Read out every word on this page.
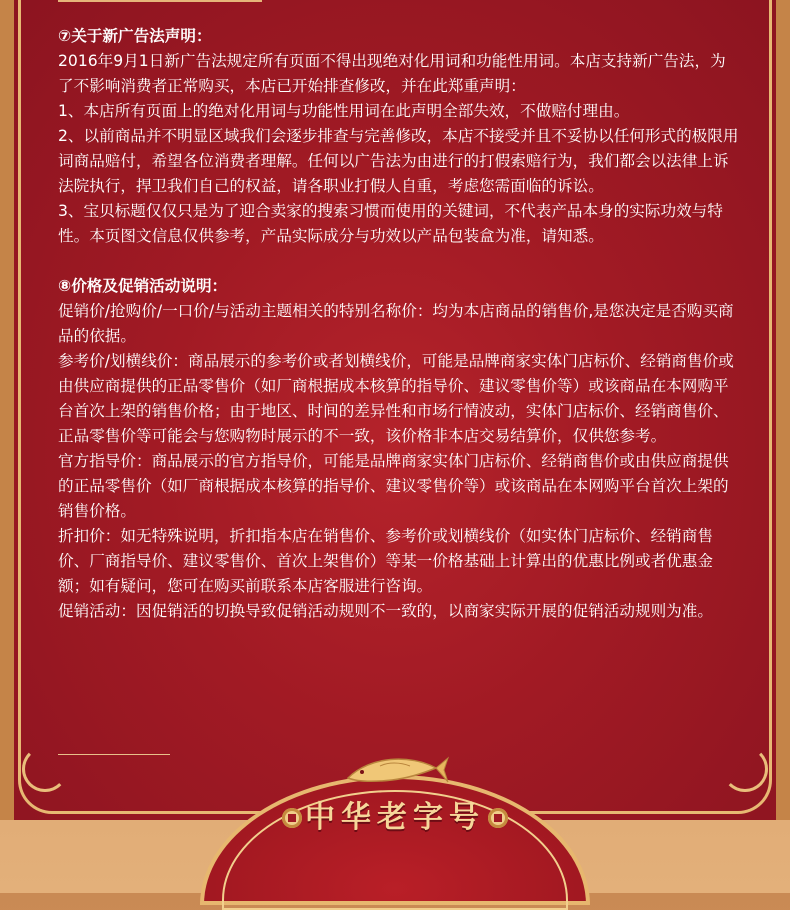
⑦关于新广告法声明：

2016年9月1日新广告法规定所有页面不得出现绝对化用词和功能性用词。本店支持新广告法，为了不影响消费者正常购买，本店已开始排查修改，并在此郑重声明：

1、本店所有页面上的绝对化用词与功能性用词在此声明全部失效，不做赔付理由。

2、以前商品并不明显区域我们会逐步排查与完善修改，本店不接受并且不妥协以任何形式的极限用词商品赔付，希望各位消费者理解。任何以广告法为由进行的打假索赔行为，我们都会以法律上诉法院执行，捍卫我们自己的权益，请各职业打假人自重，考虑您需面临的诉讼。

3、宝贝标题仅仅只是为了迎合卖家的搜索习惯而使用的关键词，不代表产品本身的实际功效与特性。本页图文信息仅供参考，产品实际成分与功效以产品包装盒为准，请知悉。

⑧价格及促销活动说明：

促销价/抢购价/一口价/与活动主题相关的特别名称价：均为本店商品的销售价,是您决定是否购买商品的依据。

参考价/划横线价：商品展示的参考价或者划横线价，可能是品牌商家实体门店标价、经销商售价或由供应商提供的正品零售价（如厂商根据成本核算的指导价、建议零售价等）或该商品在本网购平台首次上架的销售价格；由于地区、时间的差异性和市场行情波动，实体门店标价、经销商售价、正品零售价等可能会与您购物时展示的不一致，该价格非本店交易结算价，仅供您参考。

官方指导价：商品展示的官方指导价，可能是品牌商家实体门店标价、经销商售价或由供应商提供的正品零售价（如厂商根据成本核算的指导价、建议零售价等）或该商品在本网购平台首次上架的销售价格。

折扣价：如无特殊说明，折扣指本店在销售价、参考价或划横线价（如实体门店标价、经销商售价、厂商指导价、建议零售价、首次上架售价）等某一价格基础上计算出的优惠比例或者优惠金额；如有疑问，您可在购买前联系本店客服进行咨询。

促销活动：因促销活的切换导致促销活动规则不一致的，以商家实际开展的促销活动规则为准。

中华老字号
